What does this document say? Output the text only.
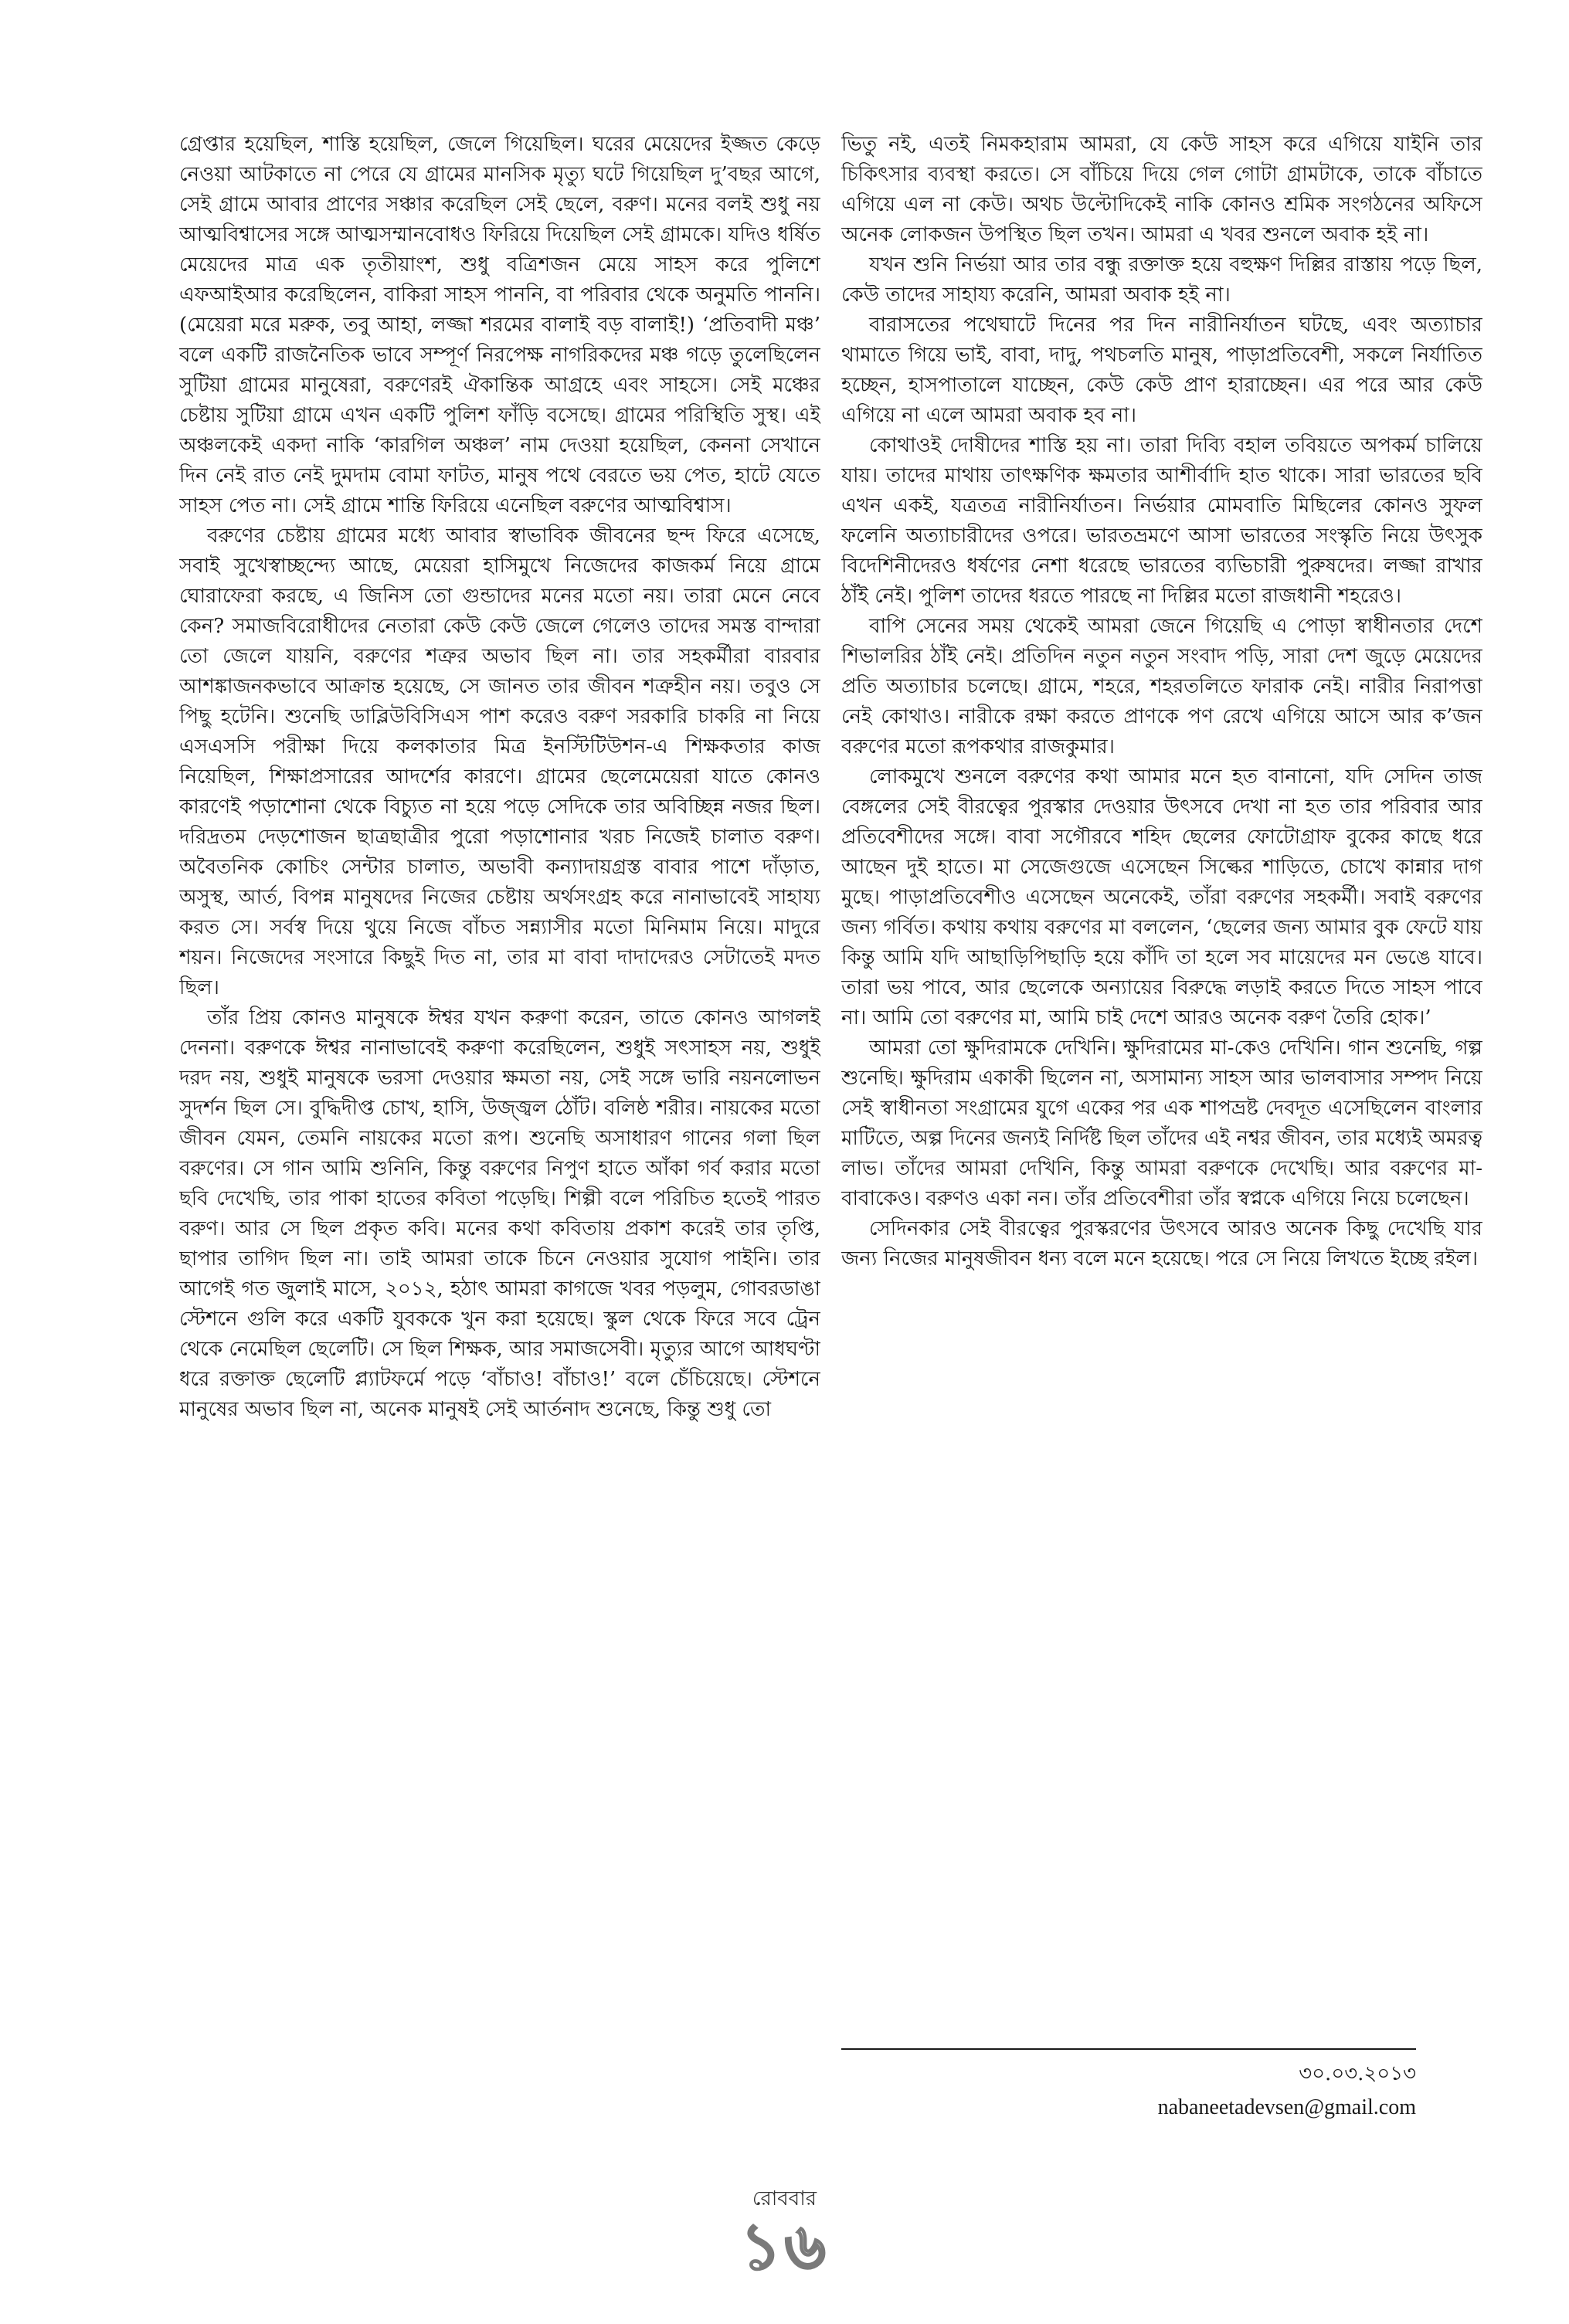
গ্রেপ্তার হয়েছিল, শাস্তি হয়েছিল, জেলে গিয়েছিল। ঘরের মেয়েদের ইজ্জত কেড়ে নেওয়া আটকাতে না পেরে যে গ্রামের মানসিক মৃত্যু ঘটে গিয়েছিল দু’বছর আগে, সেই গ্রামে আবার প্রাণের সঞ্চার করেছিল সেই ছেলে, বরুণ। মনের বলই শুধু নয় আত্মবিশ্বাসের সঙ্গে আত্মসম্মানবোধও ফিরিয়ে দিয়েছিল সেই গ্রামকে। যদিও ধর্ষিত মেয়েদের মাত্র এক তৃতীয়াংশ, শুধু বত্রিশজন মেয়ে সাহস করে পুলিশে এফআইআর করেছিলেন, বাকিরা সাহস পাননি, বা পরিবার থেকে অনুমতি পাননি। (মেয়েরা মরে মরুক, তবু আহা, লজ্জা শরমের বালাই বড় বালাই!) ‘প্রতিবাদী মঞ্চ’ বলে একটি রাজনৈতিক ভাবে সম্পূর্ণ নিরপেক্ষ নাগরিকদের মঞ্চ গড়ে তুলেছিলেন সুটিয়া গ্রামের মানুষেরা, বরুণেরই ঐকান্তিক আগ্রহে এবং সাহসে। সেই মঞ্চের চেষ্টায় সুটিয়া গ্রামে এখন একটি পুলিশ ফাঁড়ি বসেছে। গ্রামের পরিস্থিতি সুস্থ। এই অঞ্চলকেই একদা নাকি ‘কারগিল অঞ্চল’ নাম দেওয়া হয়েছিল, কেননা সেখানে দিন নেই রাত নেই দুমদাম বোমা ফাটত, মানুষ পথে বেরতে ভয় পেত, হাটে যেতে সাহস পেত না। সেই গ্রামে শান্তি ফিরিয়ে এনেছিল বরুণের আত্মবিশ্বাস।

বরুণের চেষ্টায় গ্রামের মধ্যে আবার স্বাভাবিক জীবনের ছন্দ ফিরে এসেছে, সবাই সুখেস্বাচ্ছন্দ্যে আছে, মেয়েরা হাসিমুখে নিজেদের কাজকর্ম নিয়ে গ্রামে ঘোরাফেরা করছে, এ জিনিস তো গুন্ডাদের মনের মতো নয়। তারা মেনে নেবে কেন? সমাজবিরোধীদের নেতারা কেউ কেউ জেলে গেলেও তাদের সমস্ত বান্দারা তো জেলে যায়নি, বরুণের শত্রুর অভাব ছিল না। তার সহকর্মীরা বারবার আশঙ্কাজনকভাবে আক্রান্ত হয়েছে, সে জানত তার জীবন শত্রুহীন নয়। তবুও সে পিছু হটেনি। শুনেছি ডাব্লিউবিসিএস পাশ করেও বরুণ সরকারি চাকরি না নিয়ে এসএসসি পরীক্ষা দিয়ে কলকাতার মিত্র ইনস্টিটিউশন-এ শিক্ষকতার কাজ নিয়েছিল, শিক্ষাপ্রসারের আদর্শের কারণে। গ্রামের ছেলেমেয়েরা যাতে কোনও কারণেই পড়াশোনা থেকে বিচ্যুত না হয়ে পড়ে সেদিকে তার অবিচ্ছিন্ন নজর ছিল। দরিদ্রতম দেড়শোজন ছাত্রছাত্রীর পুরো পড়াশোনার খরচ নিজেই চালাত বরুণ। অবৈতনিক কোচিং সেন্টার চালাত, অভাবী কন্যাদায়গ্রস্ত বাবার পাশে দাঁড়াত, অসুস্থ, আর্ত, বিপন্ন মানুষদের নিজের চেষ্টায় অর্থসংগ্রহ করে নানাভাবেই সাহায্য করত সে। সর্বস্ব দিয়ে থুয়ে নিজে বাঁচত সন্ন্যাসীর মতো মিনিমাম নিয়ে। মাদুরে শয়ন। নিজেদের সংসারে কিছুই দিত না, তার মা বাবা দাদাদেরও সেটাতেই মদত ছিল।

তাঁর প্রিয় কোনও মানুষকে ঈশ্বর যখন করুণা করেন, তাতে কোনও আগলই দেননা। বরুণকে ঈশ্বর নানাভাবেই করুণা করেছিলেন, শুধুই সৎসাহস নয়, শুধুই দরদ নয়, শুধুই মানুষকে ভরসা দেওয়ার ক্ষমতা নয়, সেই সঙ্গে ভারি নয়নলোভন সুদর্শন ছিল সে। বুদ্ধিদীপ্ত চোখ, হাসি, উজ্জ্বল ঠোঁট। বলিষ্ঠ শরীর। নায়কের মতো জীবন যেমন, তেমনি নায়কের মতো রূপ। শুনেছি অসাধারণ গানের গলা ছিল বরুণের। সে গান আমি শুনিনি, কিন্তু বরুণের নিপুণ হাতে আঁকা গর্ব করার মতো ছবি দেখেছি, তার পাকা হাতের কবিতা পড়েছি। শিল্পী বলে পরিচিত হতেই পারত বরুণ। আর সে ছিল প্রকৃত কবি। মনের কথা কবিতায় প্রকাশ করেই তার তৃপ্তি, ছাপার তাগিদ ছিল না। তাই আমরা তাকে চিনে নেওয়ার সুযোগ পাইনি। তার আগেই গত জুলাই মাসে, ২০১২, হঠাৎ আমরা কাগজে খবর পড়লুম, গোবরডাঙা স্টেশনে গুলি করে একটি যুবককে খুন করা হয়েছে। স্কুল থেকে ফিরে সবে ট্রেন থেকে নেমেছিল ছেলেটি। সে ছিল শিক্ষক, আর সমাজসেবী। মৃত্যুর আগে আধঘণ্টা ধরে রক্তাক্ত ছেলেটি প্ল্যাটফর্মে পড়ে ‘বাঁচাও! বাঁচাও!’ বলে চেঁচিয়েছে। স্টেশনে মানুষের অভাব ছিল না, অনেক মানুষই সেই আর্তনাদ শুনেছে, কিন্তু শুধু তো

ভিতু নই, এতই নিমকহারাম আমরা, যে কেউ সাহস করে এগিয়ে যাইনি তার চিকিৎসার ব্যবস্থা করতে। সে বাঁচিয়ে দিয়ে গেল গোটা গ্রামটাকে, তাকে বাঁচাতে এগিয়ে এল না কেউ। অথচ উল্টোদিকেই নাকি কোনও শ্রমিক সংগঠনের অফিসে অনেক লোকজন উপস্থিত ছিল তখন। আমরা এ খবর শুনলে অবাক হই না।

যখন শুনি নির্ভয়া আর তার বন্ধু রক্তাক্ত হয়ে বহুক্ষণ দিল্লির রাস্তায় পড়ে ছিল, কেউ তাদের সাহায্য করেনি, আমরা অবাক হই না।

বারাসতের পথেঘাটে দিনের পর দিন নারীনির্যাতন ঘটছে, এবং অত্যাচার থামাতে গিয়ে ভাই, বাবা, দাদু, পথচলতি মানুষ, পাড়াপ্রতিবেশী, সকলে নির্যাতিত হচ্ছেন, হাসপাতালে যাচ্ছেন, কেউ কেউ প্রাণ হারাচ্ছেন। এর পরে আর কেউ এগিয়ে না এলে আমরা অবাক হব না।

কোথাওই দোষীদের শাস্তি হয় না। তারা দিব্যি বহাল তবিয়তে অপকর্ম চালিয়ে যায়। তাদের মাথায় তাৎক্ষণিক ক্ষমতার আশীর্বাদি হাত থাকে। সারা ভারতের ছবি এখন একই, যত্রতত্র নারীনির্যাতন। নির্ভয়ার মোমবাতি মিছিলের কোনও সুফল ফলেনি অত্যাচারীদের ওপরে। ভারতভ্রমণে আসা ভারতের সংস্কৃতি নিয়ে উৎসুক বিদেশিনীদেরও ধর্ষণের নেশা ধরেছে ভারতের ব্যভিচারী পুরুষদের। লজ্জা রাখার ঠাঁই নেই। পুলিশ তাদের ধরতে পারছে না দিল্লির মতো রাজধানী শহরেও।

বাপি সেনের সময় থেকেই আমরা জেনে গিয়েছি এ পোড়া স্বাধীনতার দেশে শিভালরির ঠাঁই নেই। প্রতিদিন নতুন নতুন সংবাদ পড়ি, সারা দেশ জুড়ে মেয়েদের প্রতি অত্যাচার চলেছে। গ্রামে, শহরে, শহরতলিতে ফারাক নেই। নারীর নিরাপত্তা নেই কোথাও। নারীকে রক্ষা করতে প্রাণকে পণ রেখে এগিয়ে আসে আর ক’জন বরুণের মতো রূপকথার রাজকুমার।

লোকমুখে শুনলে বরুণের কথা আমার মনে হত বানানো, যদি সেদিন তাজ বেঙ্গলের সেই বীরত্বের পুরস্কার দেওয়ার উৎসবে দেখা না হত তার পরিবার আর প্রতিবেশীদের সঙ্গে। বাবা সগৌরবে শহিদ ছেলের ফোটোগ্রাফ বুকের কাছে ধরে আছেন দুই হাতে। মা সেজেগুজে এসেছেন সিল্কের শাড়িতে, চোখে কান্নার দাগ মুছে। পাড়াপ্রতিবেশীও এসেছেন অনেকেই, তাঁরা বরুণের সহকর্মী। সবাই বরুণের জন্য গর্বিত। কথায় কথায় বরুণের মা বললেন, ‘ছেলের জন্য আমার বুক ফেটে যায় কিন্তু আমি যদি আছাড়িপিছাড়ি হয়ে কাঁদি তা হলে সব মায়েদের মন ভেঙে যাবে। তারা ভয় পাবে, আর ছেলেকে অন্যায়ের বিরুদ্ধে লড়াই করতে দিতে সাহস পাবে না। আমি তো বরুণের মা, আমি চাই দেশে আরও অনেক বরুণ তৈরি হোক।’

আমরা তো ক্ষুদিরামকে দেখিনি। ক্ষুদিরামের মা-কেও দেখিনি। গান শুনেছি, গল্প শুনেছি। ক্ষুদিরাম একাকী ছিলেন না, অসামান্য সাহস আর ভালবাসার সম্পদ নিয়ে সেই স্বাধীনতা সংগ্রামের যুগে একের পর এক শাপভ্রষ্ট দেবদূত এসেছিলেন বাংলার মাটিতে, অল্প দিনের জন্যই নির্দিষ্ট ছিল তাঁদের এই নশ্বর জীবন, তার মধ্যেই অমরত্ব লাভ। তাঁদের আমরা দেখিনি, কিন্তু আমরা বরুণকে দেখেছি। আর বরুণের মা-বাবাকেও। বরুণও একা নন। তাঁর প্রতিবেশীরা তাঁর স্বপ্নকে এগিয়ে নিয়ে চলেছেন।

সেদিনকার সেই বীরত্বের পুরস্করণের উৎসবে আরও অনেক কিছু দেখেছি যার জন্য নিজের মানুষজীবন ধন্য বলে মনে হয়েছে। পরে সে নিয়ে লিখতে ইচ্ছে রইল।

৩০.০৩.২০১৩
nabaneetadevsen@gmail.com
রোববার
১৬
